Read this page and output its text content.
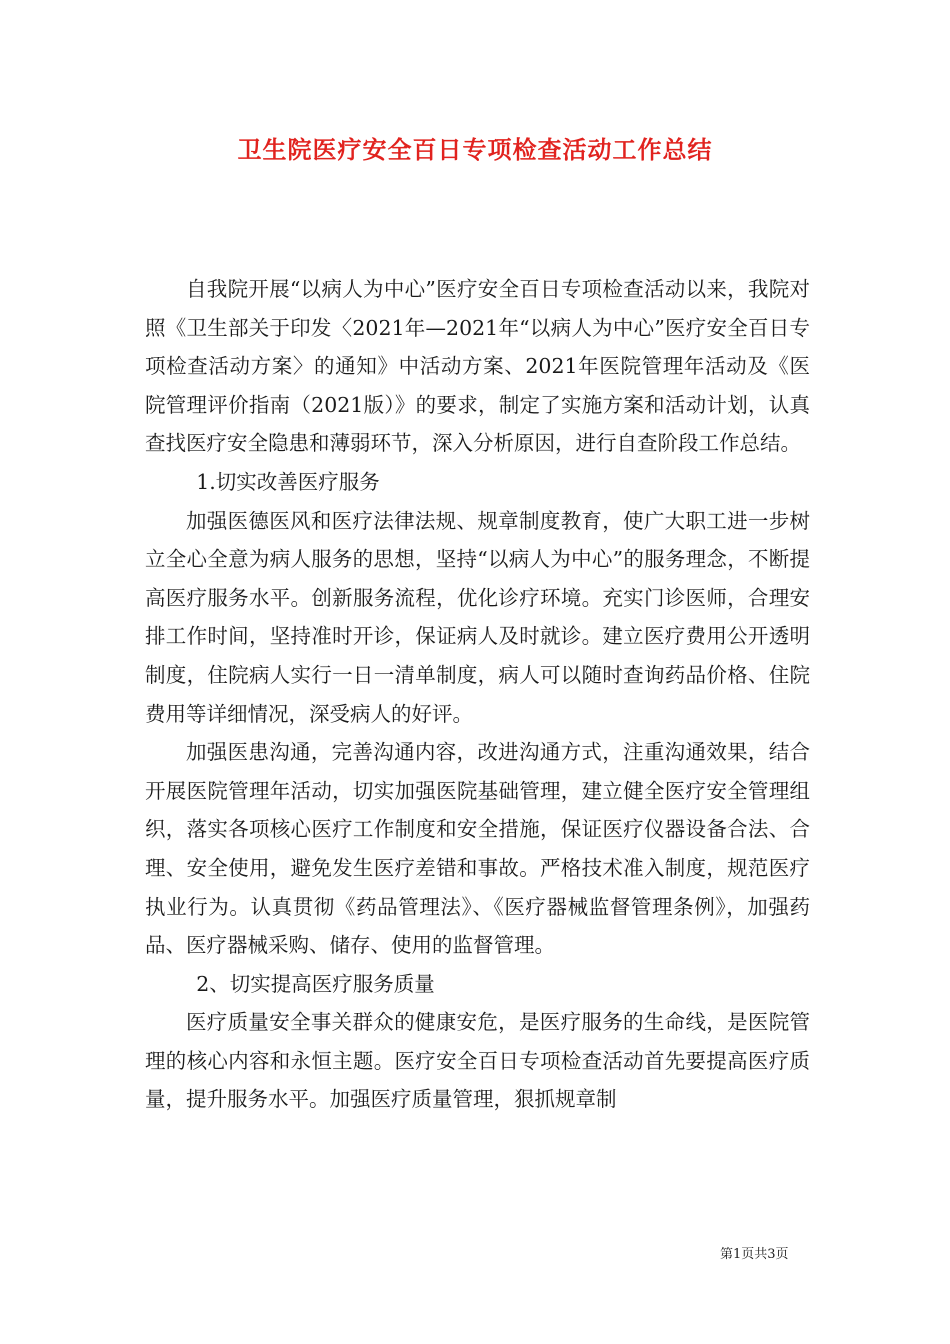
卫生院医疗安全百日专项检查活动工作总结

自我院开展“以病人为中心”医疗安全百日专项检查活动以来，我院对照《卫生部关于印发〈2021年—2021年“以病人为中心”医疗安全百日专项检查活动方案〉的通知》中活动方案、2021年医院管理年活动及《医院管理评价指南（2021版）》的要求，制定了实施方案和活动计划，认真查找医疗安全隐患和薄弱环节，深入分析原因，进行自查阶段工作总结。

1.切实改善医疗服务

加强医德医风和医疗法律法规、规章制度教育，使广大职工进一步树立全心全意为病人服务的思想，坚持“以病人为中心”的服务理念，不断提高医疗服务水平。创新服务流程，优化诊疗环境。充实门诊医师，合理安排工作时间，坚持准时开诊，保证病人及时就诊。建立医疗费用公开透明制度，住院病人实行一日一清单制度，病人可以随时查询药品价格、住院费用等详细情况，深受病人的好评。

加强医患沟通，完善沟通内容，改进沟通方式，注重沟通效果，结合开展医院管理年活动，切实加强医院基础管理，建立健全医疗安全管理组织，落实各项核心医疗工作制度和安全措施，保证医疗仪器设备合法、合理、安全使用，避免发生医疗差错和事故。严格技术准入制度，规范医疗执业行为。认真贯彻《药品管理法》、《医疗器械监督管理条例》，加强药品、医疗器械采购、储存、使用的监督管理。

2、切实提高医疗服务质量

医疗质量安全事关群众的健康安危，是医疗服务的生命线，是医院管理的核心内容和永恒主题。医疗安全百日专项检查活动首先要提高医疗质量，提升服务水平。加强医疗质量管理，狠抓规章制

第1页共3页
